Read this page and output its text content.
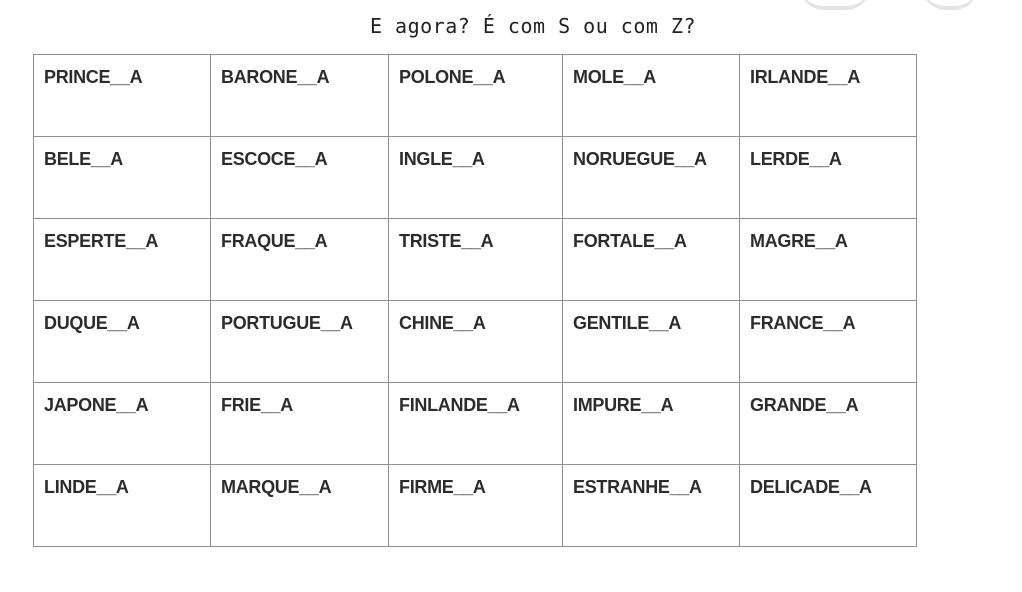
E agora? É com S ou com Z?
PRINCE__A	BARONE__A	POLONE__A	MOLE__A	IRLANDE__A

BELE__A	ESCOCE__A	INGLE__A	NORUEGUE__A	LERDE__A

ESPERTE__A	FRAQUE__A	TRISTE__A	FORTALE__A	MAGRE__A

DUQUE__A	PORTUGUE__A	CHINE__A	GENTILE__A	FRANCE__A

JAPONE__A	FRIE__A	FINLANDE__A	IMPURE__A	GRANDE__A

LINDE__A	MARQUE__A	FIRME__A	ESTRANHE__A	DELICADE__A
